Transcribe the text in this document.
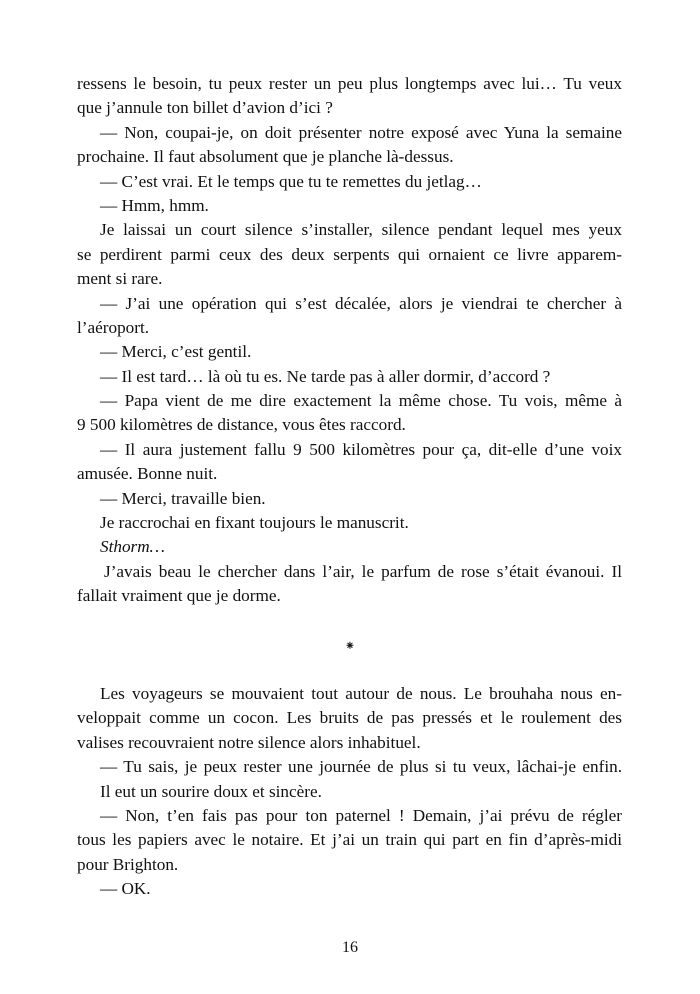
ressens le besoin, tu peux rester un peu plus longtemps avec lui… Tu veux
que j’annule ton billet d’avion d’ici ?
— Non, coupai-je, on doit présenter notre exposé avec Yuna la semaine
prochaine. Il faut absolument que je planche là-dessus.
— C’est vrai. Et le temps que tu te remettes du jetlag…
— Hmm, hmm.
Je laissai un court silence s’installer, silence pendant lequel mes yeux
se perdirent parmi ceux des deux serpents qui ornaient ce livre apparem-
ment si rare.
— J’ai une opération qui s’est décalée, alors je viendrai te chercher à
l’aéroport.
— Merci, c’est gentil.
— Il est tard… là où tu es. Ne tarde pas à aller dormir, d’accord ?
— Papa vient de me dire exactement la même chose. Tu vois, même à
9 500 kilomètres de distance, vous êtes raccord.
— Il aura justement fallu 9 500 kilomètres pour ça, dit-elle d’une voix
amusée. Bonne nuit.
— Merci, travaille bien.
Je raccrochai en fixant toujours le manuscrit.
Sthorm…
J’avais beau le chercher dans l’air, le parfum de rose s’était évanoui. Il
fallait vraiment que je dorme.
⁕
Les voyageurs se mouvaient tout autour de nous. Le brouhaha nous en-
veloppait comme un cocon. Les bruits de pas pressés et le roulement des
valises recouvraient notre silence alors inhabituel.
— Tu sais, je peux rester une journée de plus si tu veux, lâchai-je enfin.
Il eut un sourire doux et sincère.
— Non, t’en fais pas pour ton paternel ! Demain, j’ai prévu de régler
tous les papiers avec le notaire. Et j’ai un train qui part en fin d’après-midi
pour Brighton.
— OK.
16
